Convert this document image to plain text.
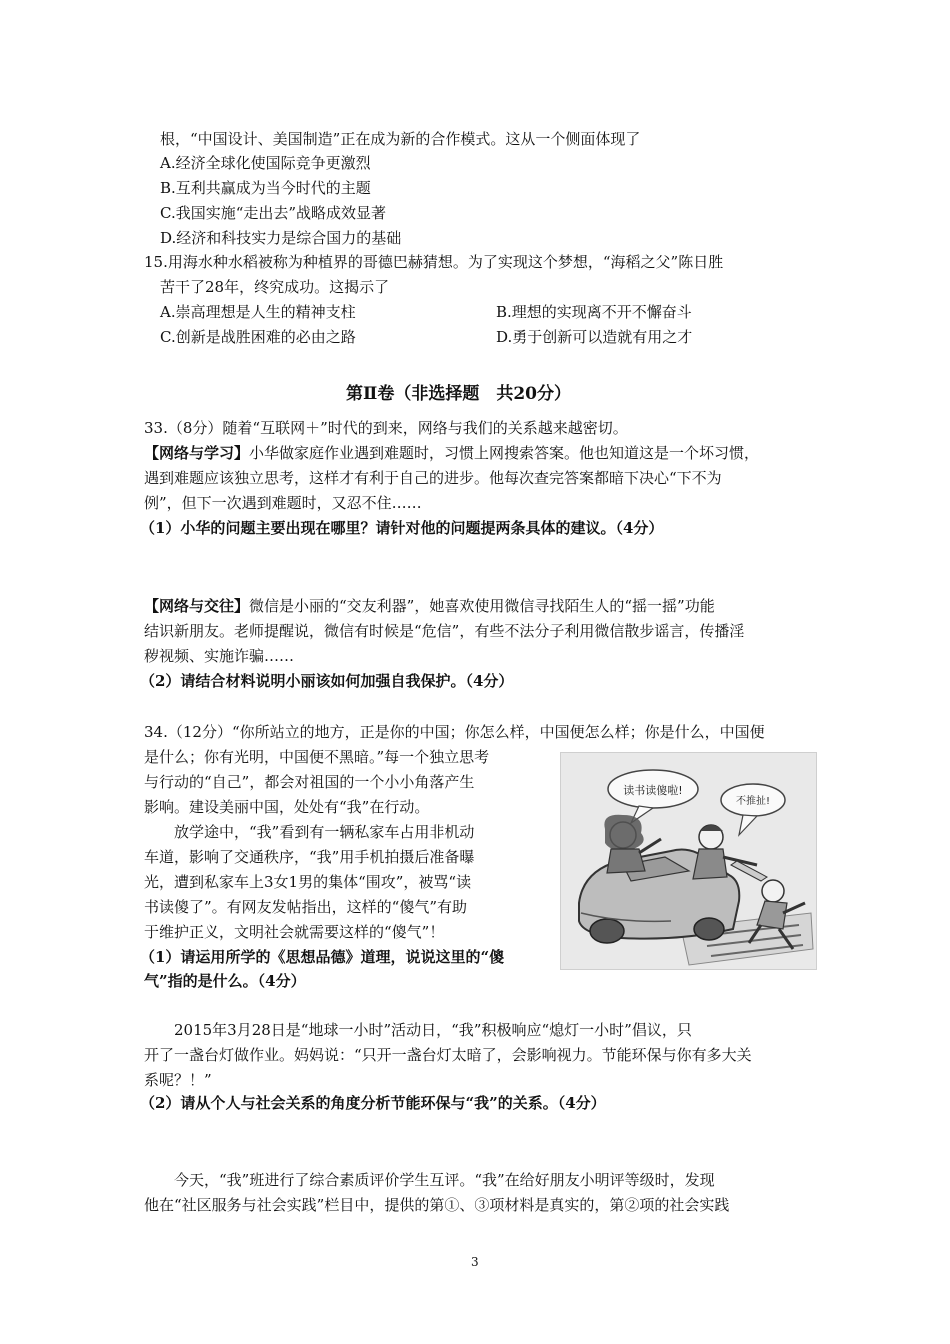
根，“中国设计、美国制造”正在成为新的合作模式。这从一个侧面体现了
A.经济全球化使国际竞争更激烈
B.互利共赢成为当今时代的主题
C.我国实施“走出去”战略成效显著
D.经济和科技实力是综合国力的基础
15.用海水种水稻被称为种植界的哥德巴赫猜想。为了实现这个梦想，“海稻之父”陈日胜
苦干了28年，终究成功。这揭示了
A.崇高理想是人生的精神支柱	B.理想的实现离不开不懈奋斗
C.创新是战胜困难的必由之路	D.勇于创新可以造就有用之才
第Ⅱ卷（非选择题　共20分）
33.（8分）随着“互联网＋”时代的到来，网络与我们的关系越来越密切。
【网络与学习】小华做家庭作业遇到难题时，习惯上网搜索答案。他也知道这是一个坏习惯，
遇到难题应该独立思考，这样才有利于自己的进步。他每次查完答案都暗下决心“下不为
例”，但下一次遇到难题时，又忍不住……
（1）小华的问题主要出现在哪里？请针对他的问题提两条具体的建议。（4分）
【网络与交往】微信是小丽的“交友利器”，她喜欢使用微信寻找陌生人的“摇一摇”功能
结识新朋友。老师提醒说，微信有时候是“危信”，有些不法分子利用微信散步谣言，传播淫
秽视频、实施诈骗……
（2）请结合材料说明小丽该如何加强自我保护。（4分）
34.（12分）“你所站立的地方，正是你的中国；你怎么样，中国便怎么样；你是什么，中国便
是什么；你有光明，中国便不黑暗。”每一个独立思考
与行动的“自己”，都会对祖国的一个小小角落产生
影响。建设美丽中国，处处有“我”在行动。
放学途中，“我”看到有一辆私家车占用非机动
车道，影响了交通秩序，“我”用手机拍摄后准备曝
光，遭到私家车上3女1男的集体“围攻”，被骂“读
书读傻了”。有网友发帖指出，这样的“傻气”有助
于维护正义，文明社会就需要这样的“傻气”！
（1）请运用所学的《思想品德》道理，说说这里的“傻
气”指的是什么。（4分）
读书读傻啦!
不推扯!
2015年3月28日是“地球一小时”活动日，“我”积极响应“熄灯一小时”倡议，只
开了一盏台灯做作业。妈妈说：“只开一盏台灯太暗了，会影响视力。节能环保与你有多大关
系呢？！”
（2）请从个人与社会关系的角度分析节能环保与“我”的关系。（4分）
今天，“我”班进行了综合素质评价学生互评。“我”在给好朋友小明评等级时，发现
他在“社区服务与社会实践”栏目中，提供的第①、③项材料是真实的，第②项的社会实践
3
